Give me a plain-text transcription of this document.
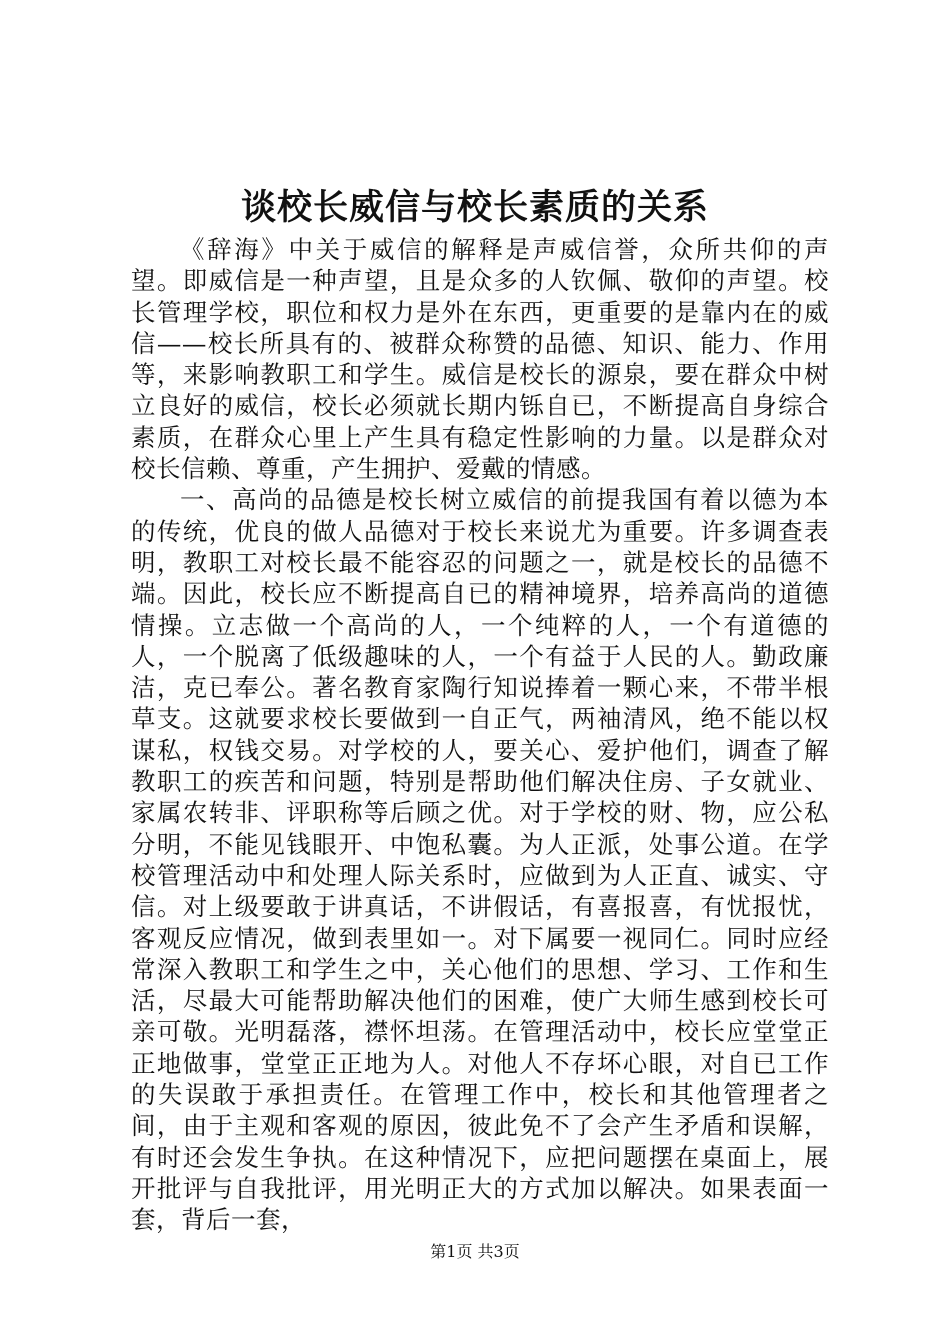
谈校长威信与校长素质的关系

《辞海》中关于威信的解释是声威信誉，众所共仰的声望。即威信是一种声望，且是众多的人钦佩、敬仰的声望。校长管理学校，职位和权力是外在东西，更重要的是靠内在的威信——校长所具有的、被群众称赞的品德、知识、能力、作用等，来影响教职工和学生。威信是校长的源泉，要在群众中树立良好的威信，校长必须就长期内铄自已，不断提高自身综合素质，在群众心里上产生具有稳定性影响的力量。以是群众对校长信赖、尊重，产生拥护、爱戴的情感。

一、高尚的品德是校长树立威信的前提我国有着以德为本的传统，优良的做人品德对于校长来说尤为重要。许多调查表明，教职工对校长最不能容忍的问题之一，就是校长的品德不端。因此，校长应不断提高自已的精神境界，培养高尚的道德情操。立志做一个高尚的人，一个纯粹的人，一个有道德的人，一个脱离了低级趣味的人，一个有益于人民的人。勤政廉洁，克已奉公。著名教育家陶行知说捧着一颗心来，不带半根草支。这就要求校长要做到一自正气，两袖清风，绝不能以权谋私，权钱交易。对学校的人，要关心、爱护他们，调查了解教职工的疾苦和问题，特别是帮助他们解决住房、子女就业、家属农转非、评职称等后顾之优。对于学校的财、物，应公私分明，不能见钱眼开、中饱私囊。为人正派，处事公道。在学校管理活动中和处理人际关系时，应做到为人正直、诚实、守信。对上级要敢于讲真话，不讲假话，有喜报喜，有忧报忧，客观反应情况，做到表里如一。对下属要一视同仁。同时应经常深入教职工和学生之中，关心他们的思想、学习、工作和生活，尽最大可能帮助解决他们的困难，使广大师生感到校长可亲可敬。光明磊落，襟怀坦荡。在管理活动中，校长应堂堂正正地做事，堂堂正正地为人。对他人不存坏心眼，对自已工作的失误敢于承担责任。在管理工作中，校长和其他管理者之间，由于主观和客观的原因，彼此免不了会产生矛盾和误解，有时还会发生争执。在这种情况下，应把问题摆在桌面上，展开批评与自我批评，用光明正大的方式加以解决。如果表面一套，背后一套，

第1页 共3页
